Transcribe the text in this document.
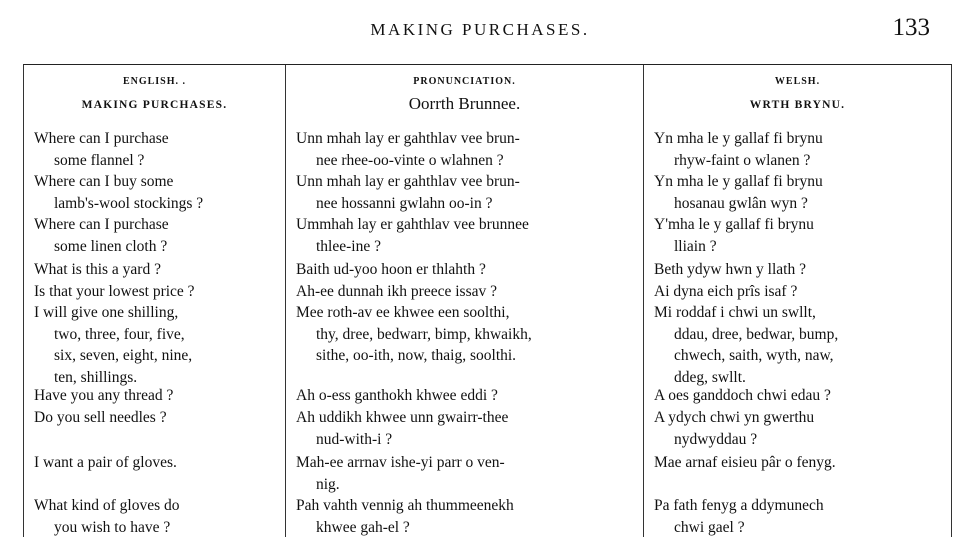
MAKING PURCHASES.	133
ENGLISH. .
MAKING PURCHASES.
Where can I purchase
some flannel ?
Where can I buy some
lamb's-wool stockings ?
Where can I purchase
some linen cloth ?
What is this a yard ?
Is that your lowest price ?
I will give one shilling,
two, three, four, five,
six, seven, eight, nine,
ten, shillings.
Have you any thread ?
Do you sell needles ?
I want a pair of gloves.
What kind of gloves do
you wish to have ?
PRONUNCIATION.
Oorrth Brunnee.
Unn mhah lay er gahthlav vee brun-
nee rhee-oo-vinte o wlahnen ?
Unn mhah lay er gahthlav vee brun-
nee hossanni gwlahn oo-in ?
Ummhah lay er gahthlav vee brunnee
thlee-ine ?
Baith ud-yoo hoon er thlahth ?
Ah-ee dunnah ikh preece issav ?
Mee roth-av ee khwee een soolthi,
thy, dree, bedwarr, bimp, khwaikh,
sithe, oo-ith, now, thaig, soolthi.
Ah o-ess ganthokh khwee eddi ?
Ah uddikh khwee unn gwairr-thee
nud-with-i ?
Mah-ee arrnav ishe-yi parr o ven-
nig.
Pah vahth vennig ah thummeenekh
khwee gah-el ?
WELSH.
WRTH BRYNU.
Yn mha le y gallaf fi brynu
rhyw-faint o wlanen ?
Yn mha le y gallaf fi brynu
hosanau gwlân wyn ?
Y'mha le y gallaf fi brynu
lliain ?
Beth ydyw hwn y llath ?
Ai dyna eich prîs isaf ?
Mi roddaf i chwi un swllt,
ddau, dree, bedwar, bump,
chwech, saith, wyth, naw,
ddeg, swllt.
A oes ganddoch chwi edau ?
A ydych chwi yn gwerthu
nydwyddau ?
Mae arnaf eisieu pâr o fenyg.
Pa fath fenyg a ddymunech
chwi gael ?
